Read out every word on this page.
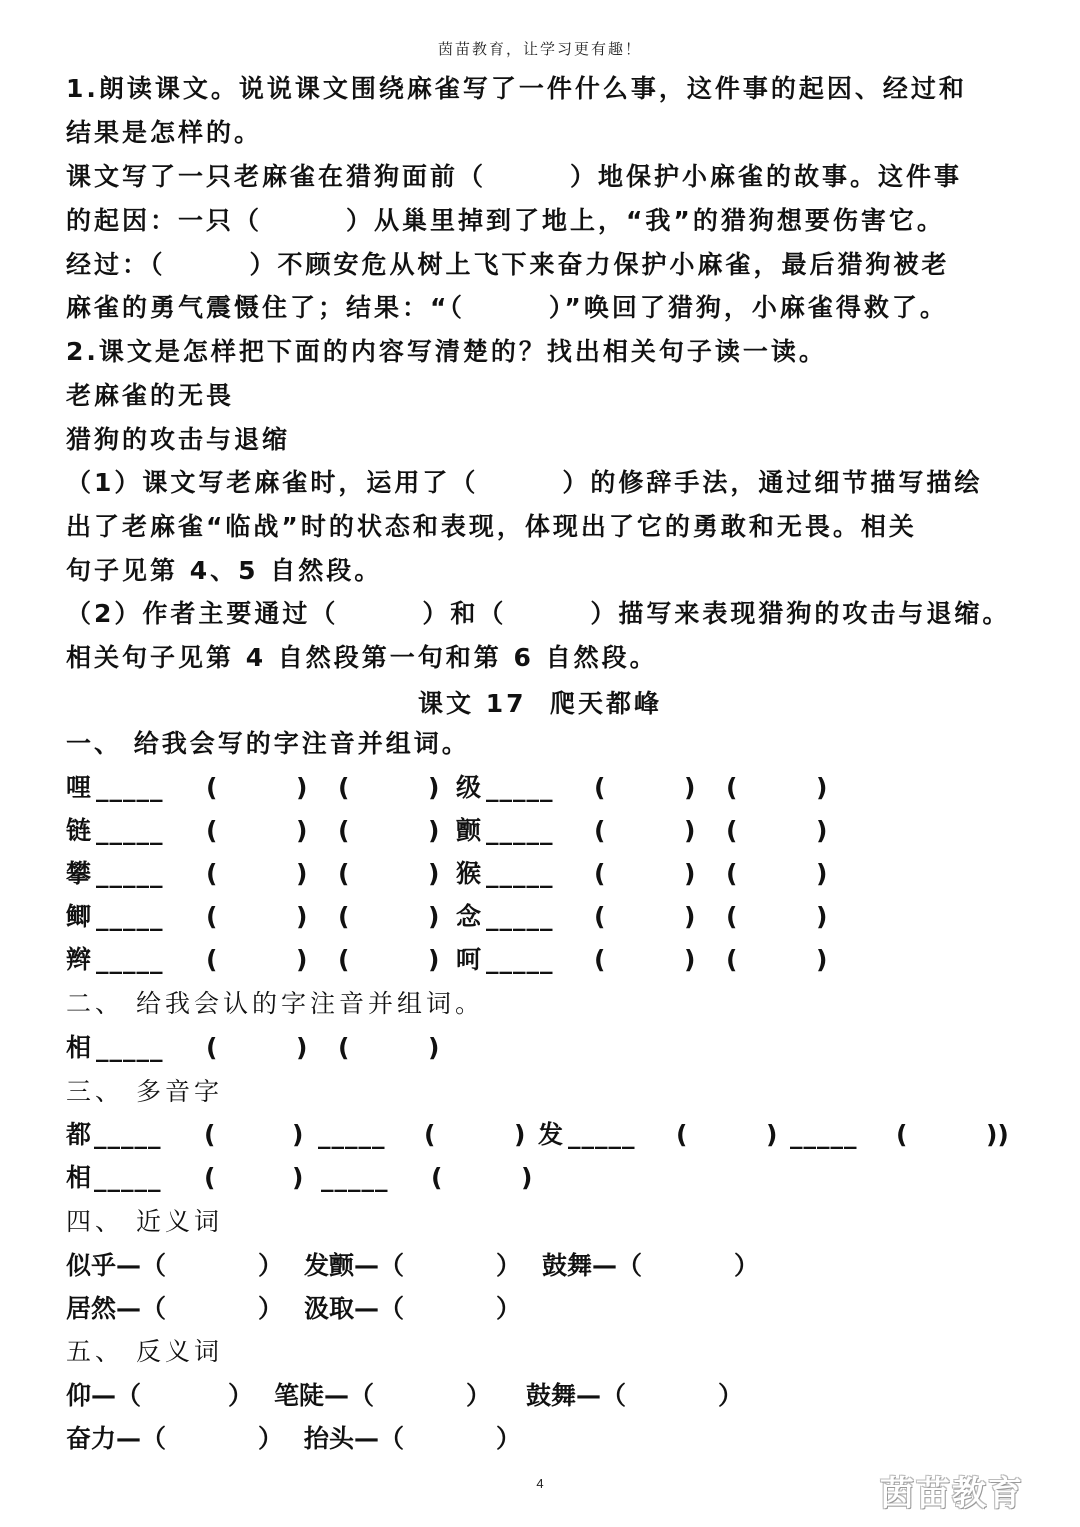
茵苗教育，让学习更有趣！
1.朗读课文。说说课文围绕麻雀写了一件什么事，这件事的起因、经过和
结果是怎样的。
课文写了一只老麻雀在猎狗面前（　　　）地保护小麻雀的故事。这件事
的起因：一只（　　　）从巢里掉到了地上，“我”的猎狗想要伤害它。
经过：（　　　）不顾安危从树上飞下来奋力保护小麻雀，最后猎狗被老
麻雀的勇气震慑住了；结果：“（　　　）”唤回了猎狗，小麻雀得救了。
2.课文是怎样把下面的内容写清楚的？找出相关句子读一读。
老麻雀的无畏
猎狗的攻击与退缩
（1）课文写老麻雀时，运用了（　　　）的修辞手法，通过细节描写描绘
出了老麻雀“临战”时的状态和表现，体现出了它的勇敢和无畏。相关
句子见第 4、5 自然段。
（2）作者主要通过（　　　）和（　　　）描写来表现猎狗的攻击与退缩。
相关句子见第 4 自然段第一句和第 6 自然段。
课文 17  爬天都峰
一、 给我会写的字注音并组词。
哩 _____ (	) (	) 级 _____ (	) (	)
链 _____ (	) (	) 颤 _____ (	) (	)
攀 _____ (	) (	) 猴 _____ (	) (	)
鲫 _____ (	) (	) 念 _____ (	) (	)
辫 _____ (	) (	) 呵 _____ (	) (	)
二、 给我会认的字注音并组词。
相 _____ (	) (	)
三、 多音字
都 _____ (	) _____ (	) 发 _____ (	) _____ (	))
相 _____ (	) _____ (	)
四、 近义词
似乎—（	） 发颤—（	） 鼓舞—（	）
居然—（	） 汲取—（	）
五、 反义词
仰—（	） 笔陡—（	） 鼓舞—（	）
奋力—（	） 抬头—（	）
4	茵苗教育
